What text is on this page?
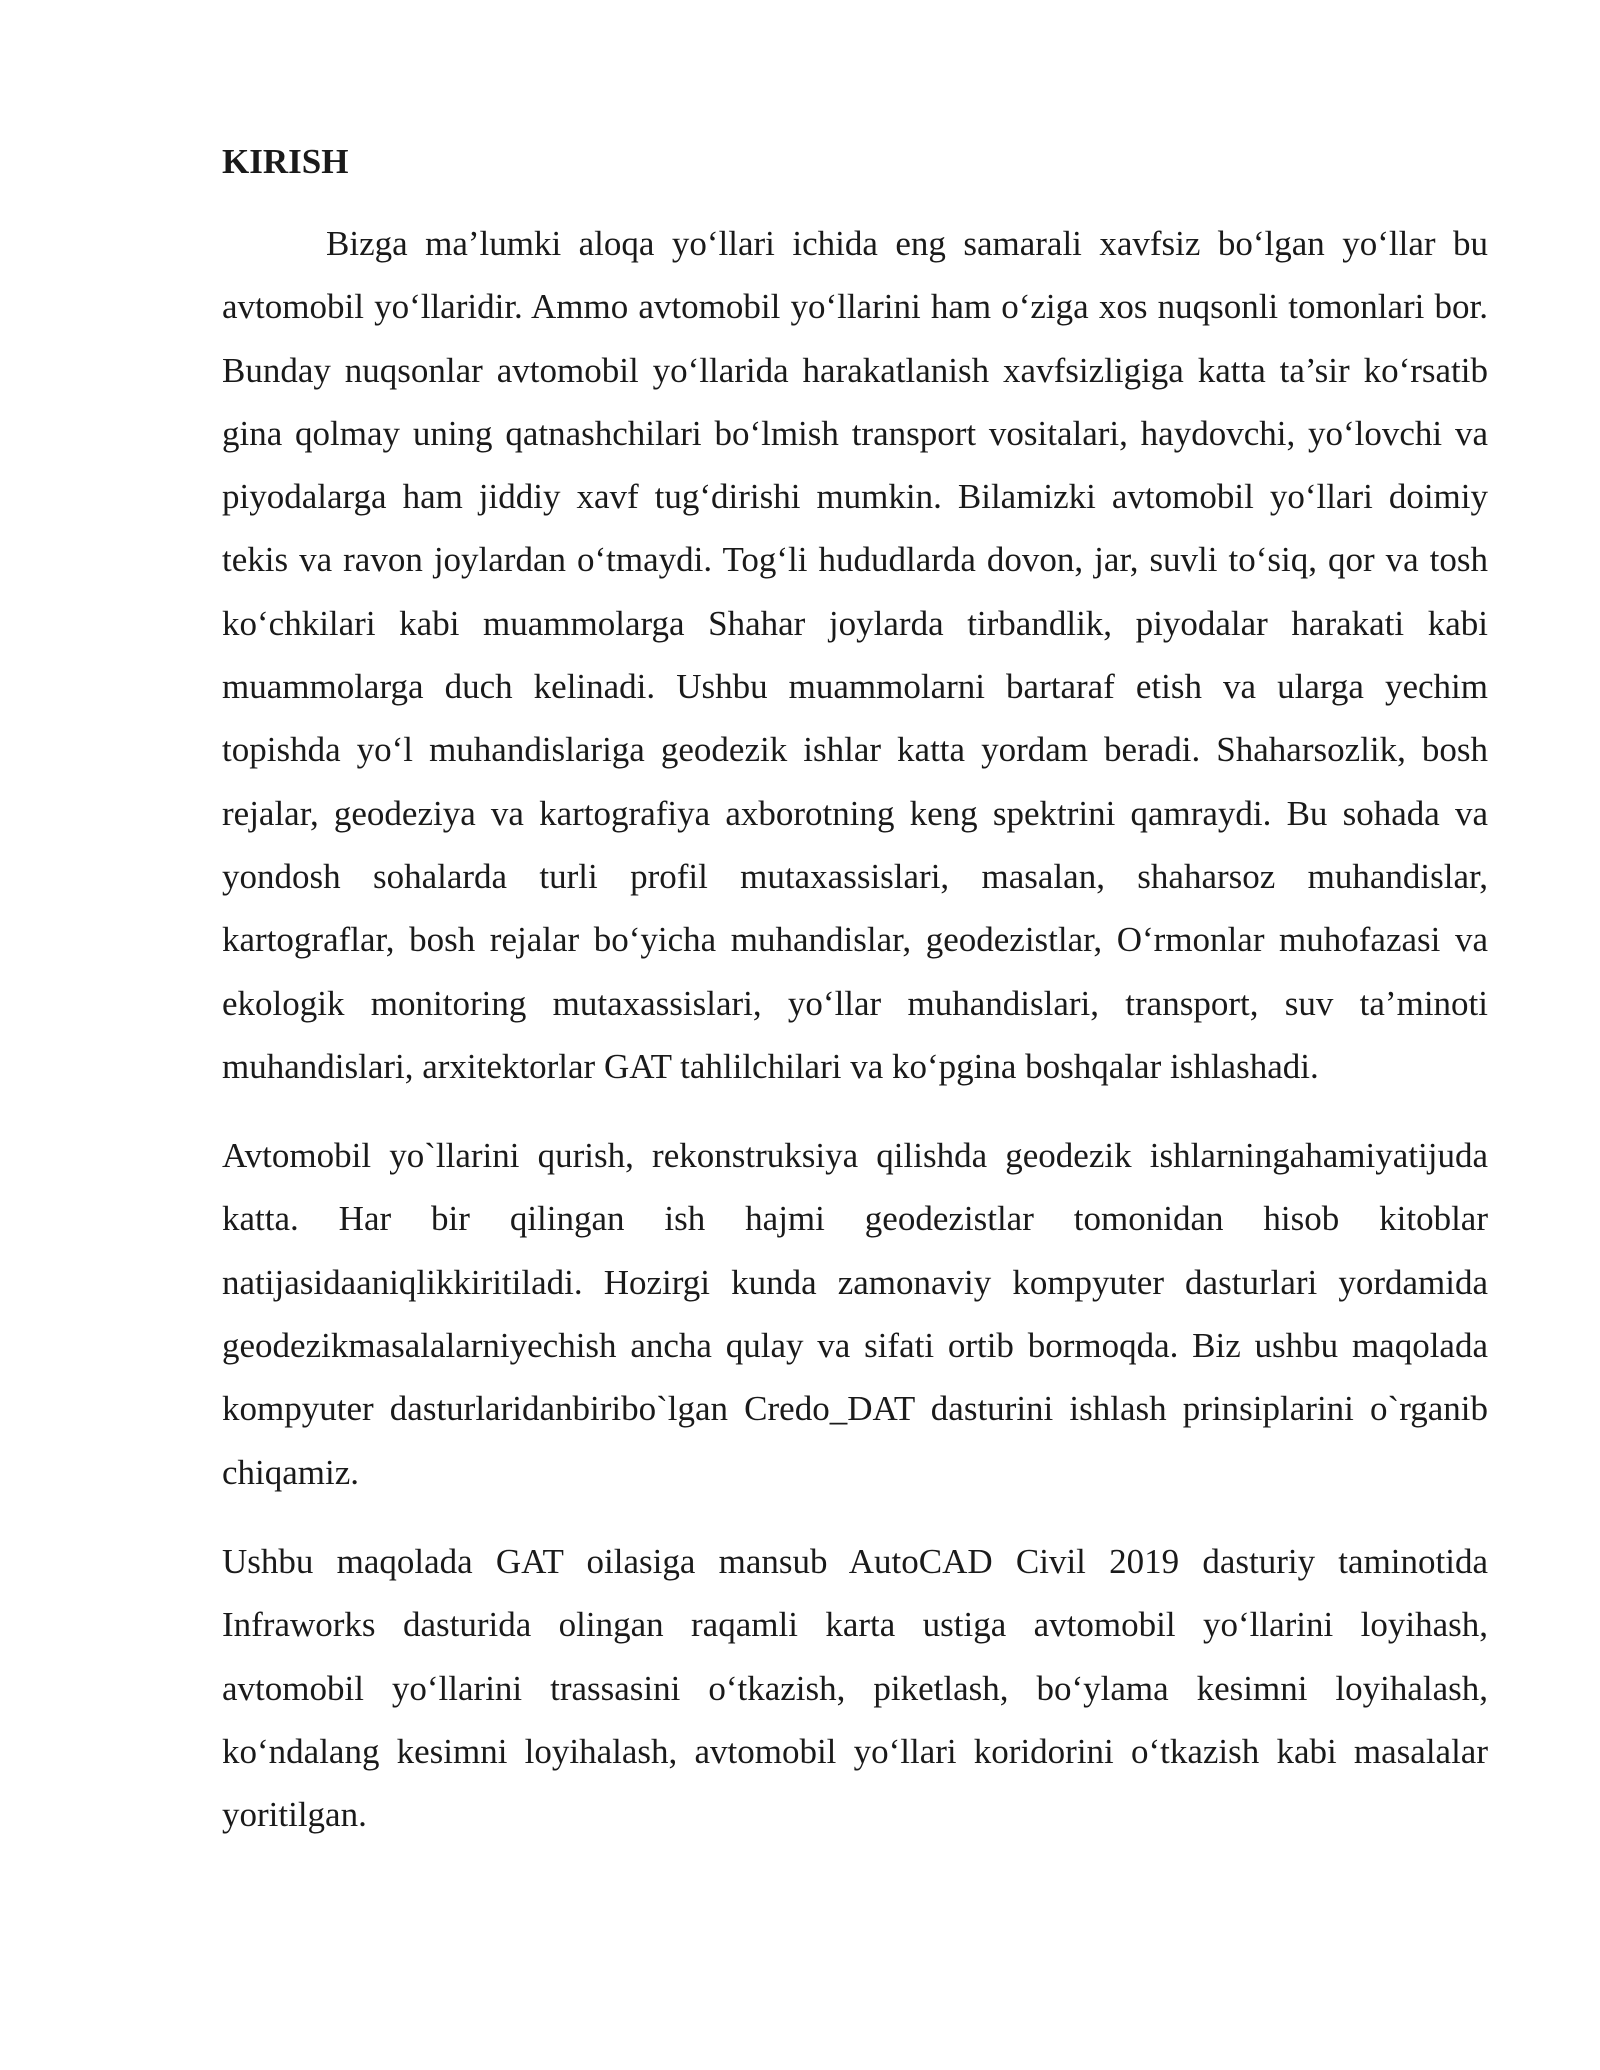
KIRISH

Bizga ma’lumki aloqa yo‘llari ichida eng samarali xavfsiz bo‘lgan yo‘llar bu avtomobil yo‘llaridir. Ammo avtomobil yo‘llarini ham o‘ziga xos nuqsonli tomonlari bor. Bunday nuqsonlar avtomobil yo‘llarida harakatlanish xavfsizligiga katta ta’sir ko‘rsatib gina qolmay uning qatnashchilari bo‘lmish transport vositalari, haydovchi, yo‘lovchi va piyodalarga ham jiddiy xavf tug‘dirishi mumkin. Bilamizki avtomobil yo‘llari doimiy tekis va ravon joylardan o‘tmaydi. Tog‘li hududlarda dovon, jar, suvli to‘siq, qor va tosh ko‘chkilari kabi muammolarga Shahar joylarda tirbandlik, piyodalar harakati kabi muammolarga duch kelinadi. Ushbu muammolarni bartaraf etish va ularga yechim topishda yo‘l muhandislariga geodezik ishlar katta yordam beradi. Shaharsozlik, bosh rejalar, geodeziya va kartografiya axborotning keng spektrini qamraydi. Bu sohada va yondosh sohalarda turli profil mutaxassislari, masalan, shaharsoz muhandislar, kartograflar, bosh rejalar bo‘yicha muhandislar, geodezistlar, O‘rmonlar muhofazasi va ekologik monitoring mutaxassislari, yo‘llar muhandislari, transport, suv ta’minoti muhandislari, arxitektorlar GAT tahlilchilari va ko‘pgina boshqalar ishlashadi.

Avtomobil yo`llarini qurish, rekonstruksiya qilishda geodezik ishlarningahamiyatijuda katta. Har bir qilingan ish hajmi geodezistlar tomonidan hisob kitoblar natijasidaaniqlikkiritiladi. Hozirgi kunda zamonaviy kompyuter dasturlari yordamida geodezikmasalalarniyechish ancha qulay va sifati ortib bormoqda. Biz ushbu maqolada kompyuter dasturlaridanbiribo`lgan Credo_DAT dasturini ishlash prinsiplarini o`rganib chiqamiz.

Ushbu maqolada GAT oilasiga mansub AutoCAD Civil 2019 dasturiy taminotida Infraworks dasturida olingan raqamli karta ustiga avtomobil yo‘llarini loyihash, avtomobil yo‘llarini trassasini o‘tkazish, piketlash, bo‘ylama kesimni loyihalash, ko‘ndalang kesimni loyihalash, avtomobil yo‘llari koridorini o‘tkazish kabi masalalar yoritilgan.
